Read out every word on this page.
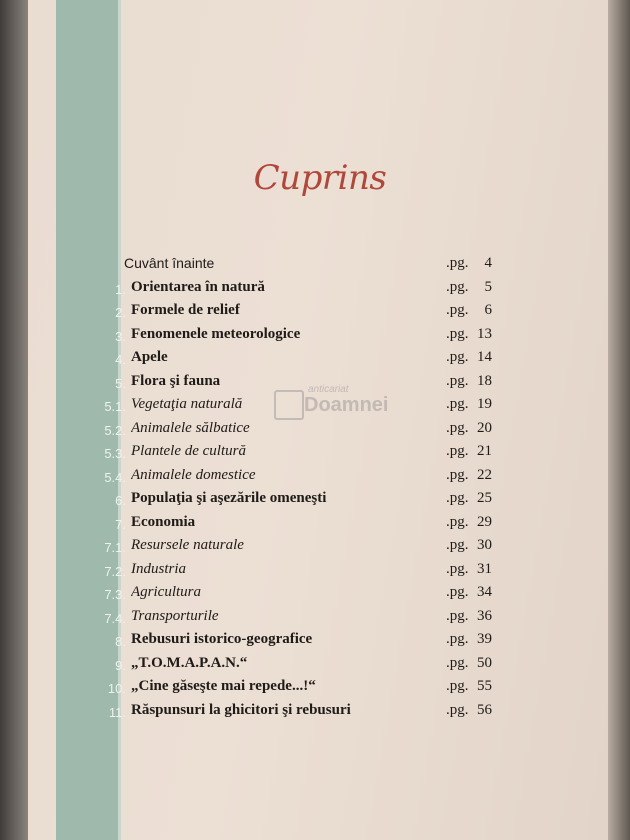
Cuprins
anticariat
Doamnei
Cuvânt înainte	.pg.	4
1. Orientarea în natură	.pg.	5
2. Formele de relief	.pg.	6
3. Fenomenele meteorologice	.pg. 13
4. Apele	.pg. 14
5. Flora şi fauna	.pg. 18
5.1. Vegetaţia naturală	.pg. 19
5.2. Animalele sălbatice	.pg. 20
5.3. Plantele de cultură	.pg. 21
5.4. Animalele domestice	.pg. 22
6. Populaţia şi aşezările omeneşti	.pg. 25
7. Economia	.pg. 29
7.1. Resursele naturale	.pg. 30
7.2. Industria	.pg. 31
7.3. Agricultura	.pg. 34
7.4. Transporturile	.pg. 36
8. Rebusuri istorico-geografice	.pg. 39
9. „T.O.M.A.P.A.N.“	.pg. 50
10. „Cine găseşte mai repede...!“	.pg. 55
11. Răspunsuri la ghicitori şi rebusuri	.pg. 56
